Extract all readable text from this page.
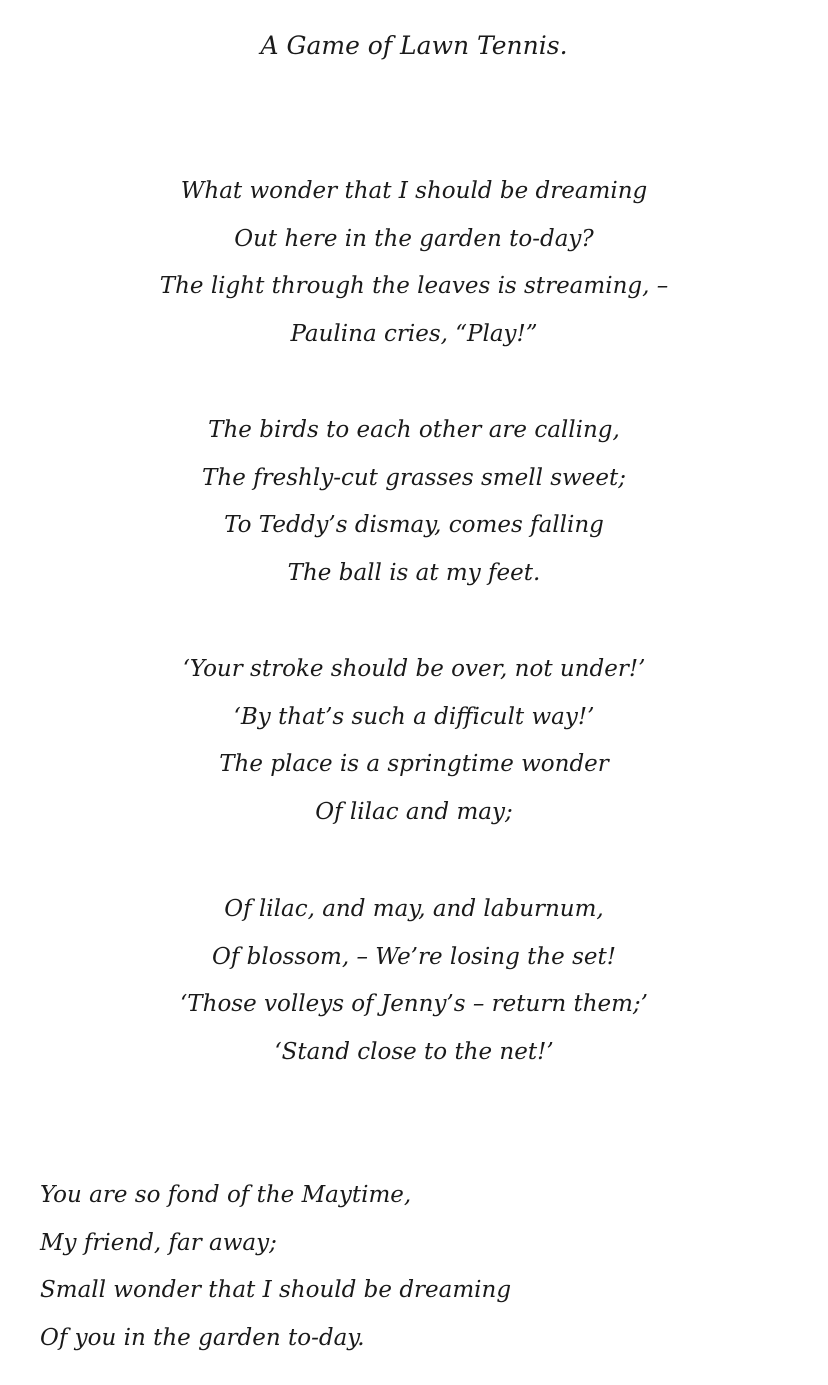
A Game of Lawn Tennis.
What wonder that I should be dreaming
Out here in the garden to-day?
The light through the leaves is streaming, –
Paulina cries, “Play!”
The birds to each other are calling,
The freshly-cut grasses smell sweet;
To Teddy’s dismay, comes falling
The ball is at my feet.
‘Your stroke should be over, not under!’
‘By that’s such a difficult way!’
The place is a springtime wonder
Of lilac and may;
Of lilac, and may, and laburnum,
Of blossom, – We’re losing the set!
‘Those volleys of Jenny’s – return them;’
‘Stand close to the net!’
You are so fond of the Maytime,
My friend, far away;
Small wonder that I should be dreaming
Of you in the garden to-day.
